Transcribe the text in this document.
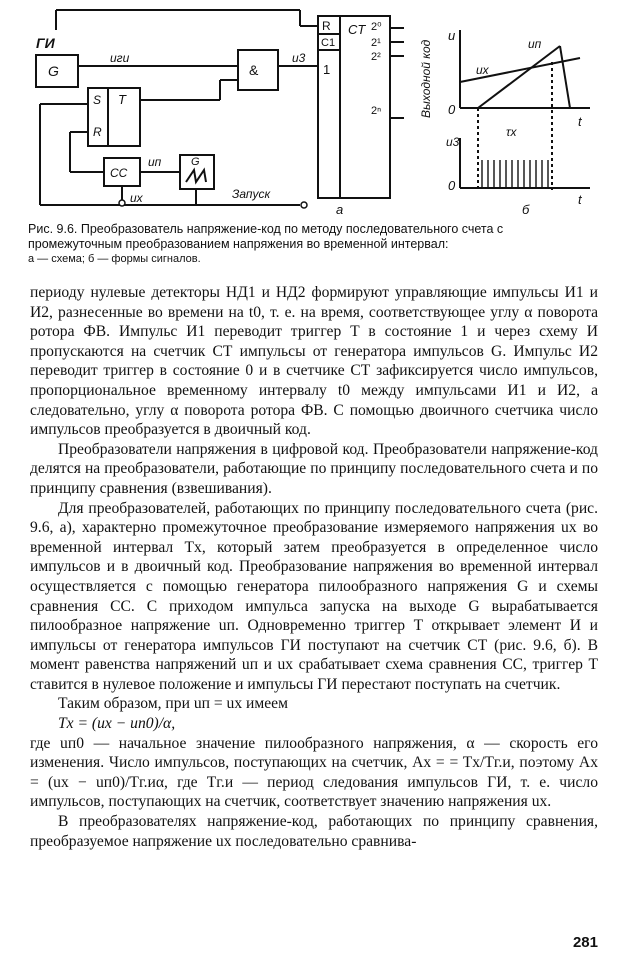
ГИ
G
uги
&
u3
1
R
C1
CT 2⁰
2¹
2²
2ⁿ	Выходной код
S T
R
CC
uп
ux
G
Запуск
а
u
t
0
ux
uп
τx
u3
0
t
б
Рис. 9.6. Преобразователь напряжение-код по методу последовательного счета с промежуточным преобразованием напряжения во временной интервал:
а — схема; б — формы сигналов.

периоду нулевые детекторы НД1 и НД2 формируют управляющие импульсы И1 и И2, разнесенные во времени на t0, т. е. на время, соответствующее углу α поворота ротора ФВ. Импульс И1 переводит триггер T в состояние 1 и через схему И пропускаются на счетчик СТ импульсы от генератора импульсов G. Импульс И2 переводит триггер в состояние 0 и в счетчике СТ зафиксируется число импульсов, пропорциональное временному интервалу t0 между импульсами И1 и И2, а следовательно, углу α поворота ротора ФВ. С помощью двоичного счетчика число импульсов преобразуется в двоичный код.

Преобразователи напряжения в цифровой код. Преобразователи напряжение-код делятся на преобразователи, работающие по принципу последовательного счета и по принципу сравнения (взвешивания).

Для преобразователей, работающих по принципу последовательного счета (рис. 9.6, а), характерно промежуточное преобразование измеряемого напряжения ux во временной интервал Tx, который затем преобразуется в определенное число импульсов и в двоичный код. Преобразование напряжения во временной интервал осуществляется с помощью генератора пилообразного напряжения G и схемы сравнения СС. С приходом импульса запуска на выходе G вырабатывается пилообразное напряжение uп. Одновременно триггер T открывает элемент И и импульсы от генератора импульсов ГИ поступают на счетчик СТ (рис. 9.6, б). В момент равенства напряжений uп и ux срабатывает схема сравнения СС, триггер T ставится в нулевое положение и импульсы ГИ перестают поступать на счетчик.

Таким образом, при uп = ux имеем

Tx = (ux − uп0)/α,

где uп0 — начальное значение пилообразного напряжения, α — скорость его изменения. Число импульсов, поступающих на счетчик, Ax = = Tx/Tг.и, поэтому Ax = (ux − uп0)/Tг.иα, где Tг.и — период следования импульсов ГИ, т. е. число импульсов, поступающих на счетчик, соответствует значению напряжения ux.

В преобразователях напряжение-код, работающих по принципу сравнения, преобразуемое напряжение ux последовательно сравнива-

281
